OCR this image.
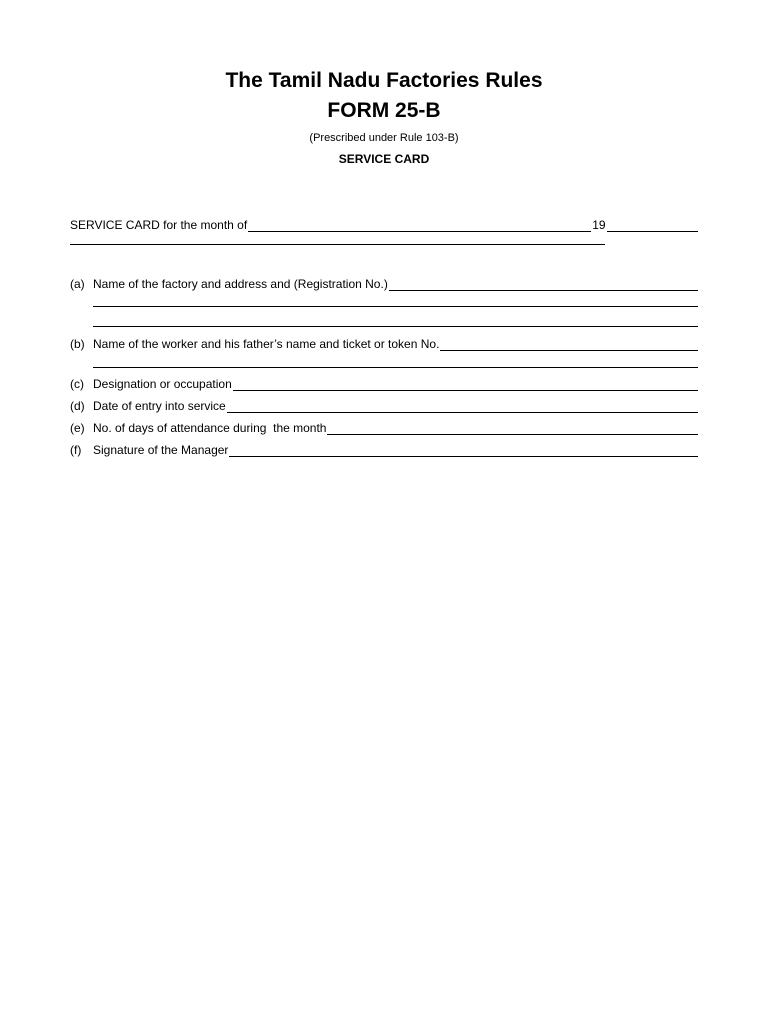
The Tamil Nadu Factories Rules
FORM 25-B
(Prescribed under Rule 103-B)
SERVICE CARD
SERVICE CARD for the month of	19
(a) Name of the factory and address and (Registration No.)
(b) Name of the worker and his father’s name and ticket or token No.
(c) Designation or occupation
(d) Date of entry into service
(e) No. of days of attendance during  the month
(f) Signature of the Manager
